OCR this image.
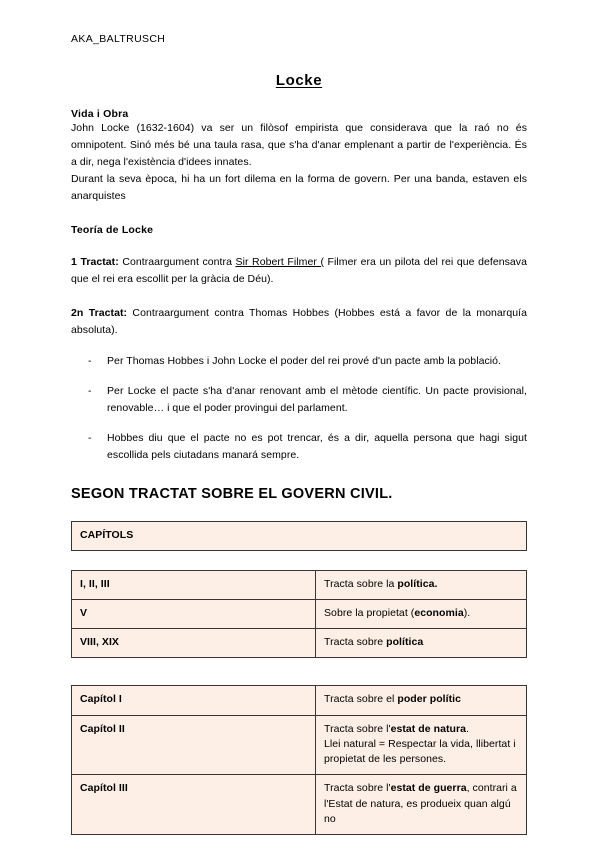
AKA_BALTRUSCH
Locke
Vida i Obra

John Locke (1632-1604) va ser un filòsof empirista que considerava que la raó no és omnipotent. Sinó més bé una taula rasa, que s'ha d'anar emplenant a partir de l'experiència. És a dir, nega l'existència d'idees innates.

Durant la seva època, hi ha un fort dilema en la forma de govern. Per una banda, estaven els anarquistes

Teoría de Locke

1 Tractat: Contraargument contra Sir Robert Filmer ( Filmer era un pilota del rei que defensava que el rei era escollit per la gràcia de Déu).

2n Tractat: Contraargument contra Thomas Hobbes (Hobbes está a favor de la monarquía absoluta).

- Per Thomas Hobbes i John Locke el poder del rei prové d'un pacte amb la població.
- Per Locke el pacte s'ha d'anar renovant amb el mètode científic. Un pacte provisional, renovable… i que el poder provingui del parlament.
- Hobbes diu que el pacte no es pot trencar, és a dir, aquella persona que hagi sigut escollida pels ciutadans manará sempre.
SEGON TRACTAT SOBRE EL GOVERN CIVIL.
CAPÍTOLS
I, II, III	Tracta sobre la política.
V	Sobre la propietat (economia).
VIII, XIX	Tracta sobre política
Capítol I	Tracta sobre el poder polític

Capítol II	Tracta sobre l'estat de natura.

Llei natural = Respectar la vida, llibertat i propietat de les persones.

Capítol III	Tracta sobre l'estat de guerra, contrari a l'Estat de natura, es produeix quan algú no
